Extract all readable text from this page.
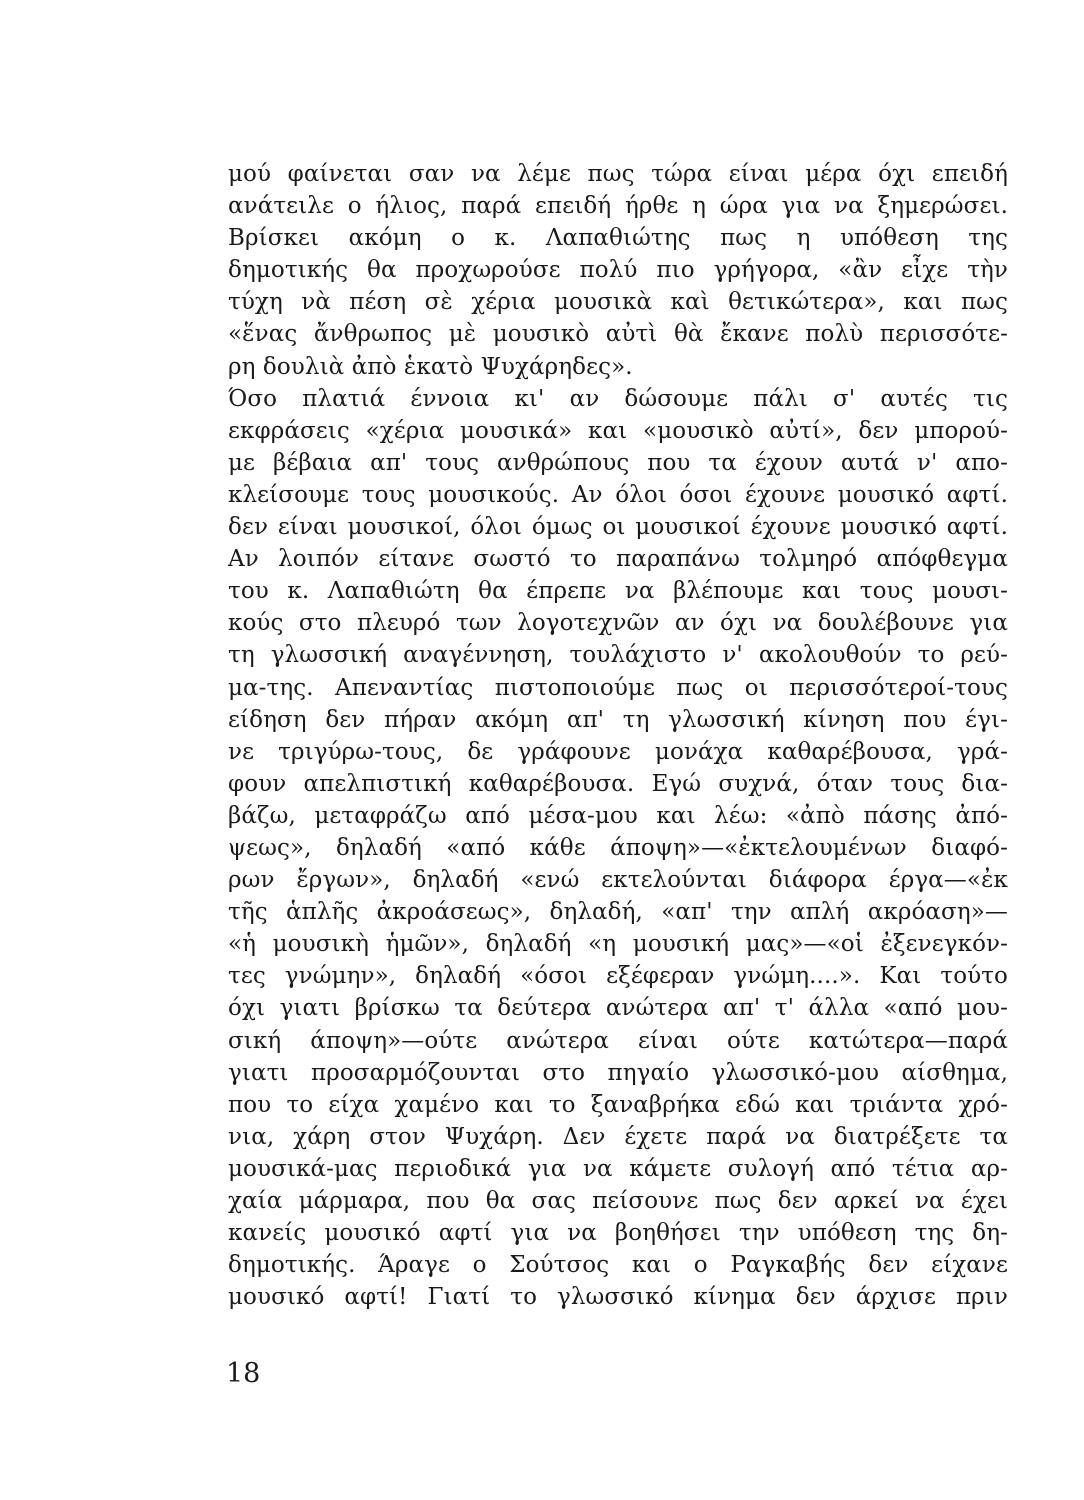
μού φαίνεται σαν να λέμε πως τώρα είναι μέρα όχι επειδή
ανάτειλε ο ήλιος, παρά επειδή ήρθε η ώρα για να ξημερώσει.
Βρίσκει ακόμη ο κ. Λαπαθιώτης πως η υπόθεση της
δημοτικής θα προχωρούσε πολύ πιο γρήγορα, «ἂν εἶχε τὴν
τύχη νὰ πέση σὲ χέρια μουσικὰ καὶ θετικώτερα», και πως
«ἕνας ἄνθρωπος μὲ μουσικὸ αὐτὶ θὰ ἔκανε πολὺ περισσότε-
ρη δουλιὰ ἀπὸ ἑκατὸ Ψυχάρηδες».
Όσο πλατιά έννοια κι' αν δώσουμε πάλι σ' αυτές τις
εκφράσεις «χέρια μουσικά» και «μουσικὸ αὐτί», δεν μπορού-
με βέβαια απ' τους ανθρώπους που τα έχουν αυτά ν' απο-
κλείσουμε τους μουσικούς. Αν όλοι όσοι έχουνε μουσικό αφτί.
δεν είναι μουσικοί, όλοι όμως οι μουσικοί έχουνε μουσικό αφτί.
Αν λοιπόν είτανε σωστό το παραπάνω τολμηρό απόφθεγμα
του κ. Λαπαθιώτη θα έπρεπε να βλέπουμε και τους μουσι-
κούς στο πλευρό των λογοτεχνῶν αν όχι να δουλέβουνε για
τη γλωσσική αναγέννηση, τουλάχιστο ν' ακολουθούν το ρεύ-
μα-της. Απεναντίας πιστοποιούμε πως οι περισσότεροί-τους
είδηση δεν πήραν ακόμη απ' τη γλωσσική κίνηση που έγι-
νε τριγύρω-τους, δε γράφουνε μονάχα καθαρέβουσα, γρά-
φουν απελπιστική καθαρέβουσα. Εγώ συχνά, όταν τους δια-
βάζω, μεταφράζω από μέσα-μου και λέω: «ἀπὸ πάσης ἀπό-
ψεως», δηλαδή «από κάθε άποψη»—«ἐκτελουμένων διαφό-
ρων ἔργων», δηλαδή «ενώ εκτελούνται διάφορα έργα—«ἐκ
τῆς ἁπλῆς ἀκροάσεως», δηλαδή, «απ' την απλή ακρόαση»—
«ἡ μουσικὴ ἡμῶν», δηλαδή «η μουσική μας»—«οἱ ἐξενεγκόν-
τες γνώμην», δηλαδή «όσοι εξέφεραν γνώμη....». Και τούτο
όχι γιατι βρίσκω τα δεύτερα ανώτερα απ' τ' άλλα «από μου-
σική άποψη»—ούτε ανώτερα είναι ούτε κατώτερα—παρά
γιατι προσαρμόζουνται στο πηγαίο γλωσσικό-μου αίσθημα,
που το είχα χαμένο και το ξαναβρήκα εδώ και τριάντα χρό-
νια, χάρη στον Ψυχάρη. Δεν έχετε παρά να διατρέξετε τα
μουσικά-μας περιοδικά για να κάμετε συλογή από τέτια αρ-
χαία μάρμαρα, που θα σας πείσουνε πως δεν αρκεί να έχει
κανείς μουσικό αφτί για να βοηθήσει την υπόθεση της δη-
δημοτικής. Άραγε ο Σούτσος και ο Ραγκαβής δεν είχανε
μουσικό αφτί! Γιατί το γλωσσικό κίνημα δεν άρχισε πριν
18
